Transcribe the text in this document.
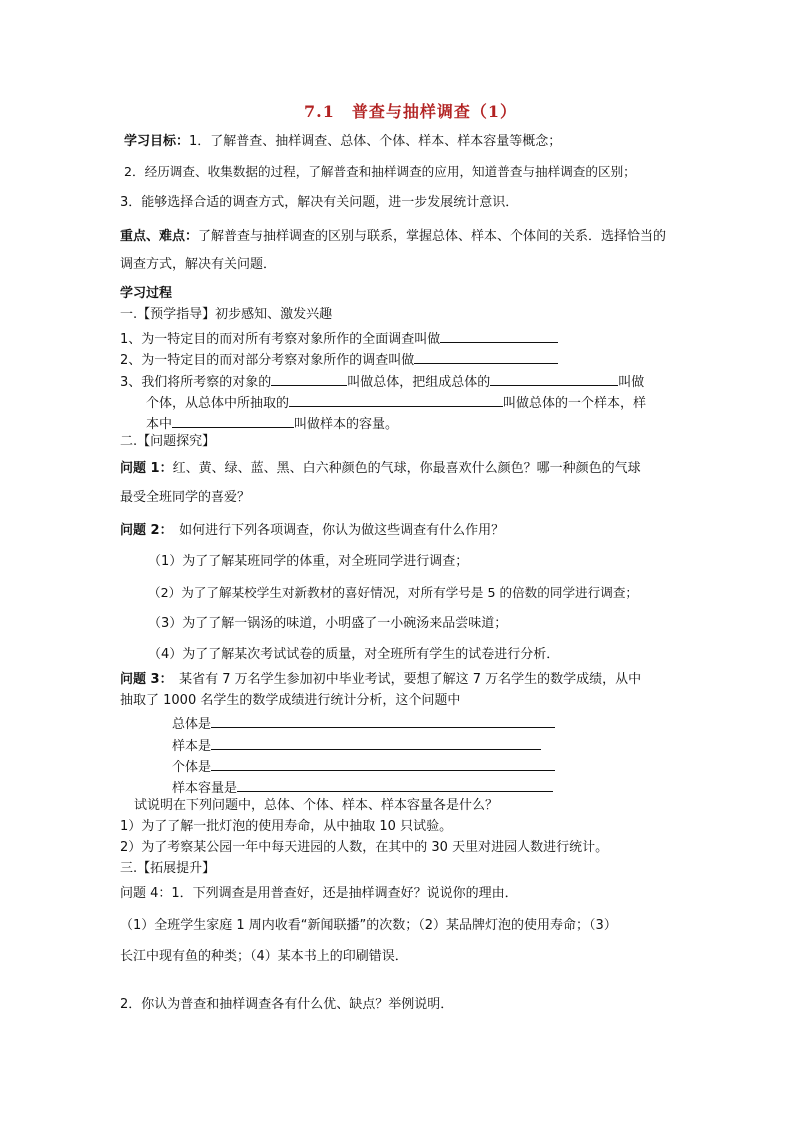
7.1　普查与抽样调查（1）
学习目标：1．了解普查、抽样调查、总体、个体、样本、样本容量等概念；
2．经历调查、收集数据的过程，了解普查和抽样调查的应用，知道普查与抽样调查的区别；
3．能够选择合适的调查方式，解决有关问题，进一步发展统计意识．
重点、难点：了解普查与抽样调查的区别与联系，掌握总体、样本、个体间的关系．选择恰当的
调查方式，解决有关问题．
学习过程
一.【预学指导】初步感知、激发兴趣
1、为一特定目的而对所有考察对象所作的全面调查叫做
2、为一特定目的而对部分考察对象所作的调查叫做
3、我们将所考察的对象的	叫做总体，把组成总体的	叫做
个体，从总体中所抽取的	叫做总体的一个样本，样
本中	叫做样本的容量。
二.【问题探究】
问题 1：红、黄、绿、蓝、黑、白六种颜色的气球，你最喜欢什么颜色？哪一种颜色的气球
最受全班同学的喜爱？
问题 2：　如何进行下列各项调查，你认为做这些调查有什么作用？
（1）为了了解某班同学的体重，对全班同学进行调查；
（2）为了了解某校学生对新教材的喜好情况，对所有学号是 5 的倍数的同学进行调查；
（3）为了了解一锅汤的味道，小明盛了一小碗汤来品尝味道；
（4）为了了解某次考试试卷的质量，对全班所有学生的试卷进行分析．
问题 3：　某省有 7 万名学生参加初中毕业考试，要想了解这 7 万名学生的数学成绩，从中
抽取了 1000 名学生的数学成绩进行统计分析，这个问题中
总体是
样本是
个体是
样本容量是
试说明在下列问题中，总体、个体、样本、样本容量各是什么？
1）为了了解一批灯泡的使用寿命，从中抽取 10 只试验。
2）为了考察某公园一年中每天进园的人数，在其中的 30 天里对进园人数进行统计。
三.【拓展提升】
问题 4：1．下列调查是用普查好，还是抽样调查好？说说你的理由．
（1）全班学生家庭 1 周内收看“新闻联播”的次数；（2）某品牌灯泡的使用寿命；（3）
长江中现有鱼的种类；（4）某本书上的印刷错误．
2．你认为普查和抽样调查各有什么优、缺点？举例说明．
